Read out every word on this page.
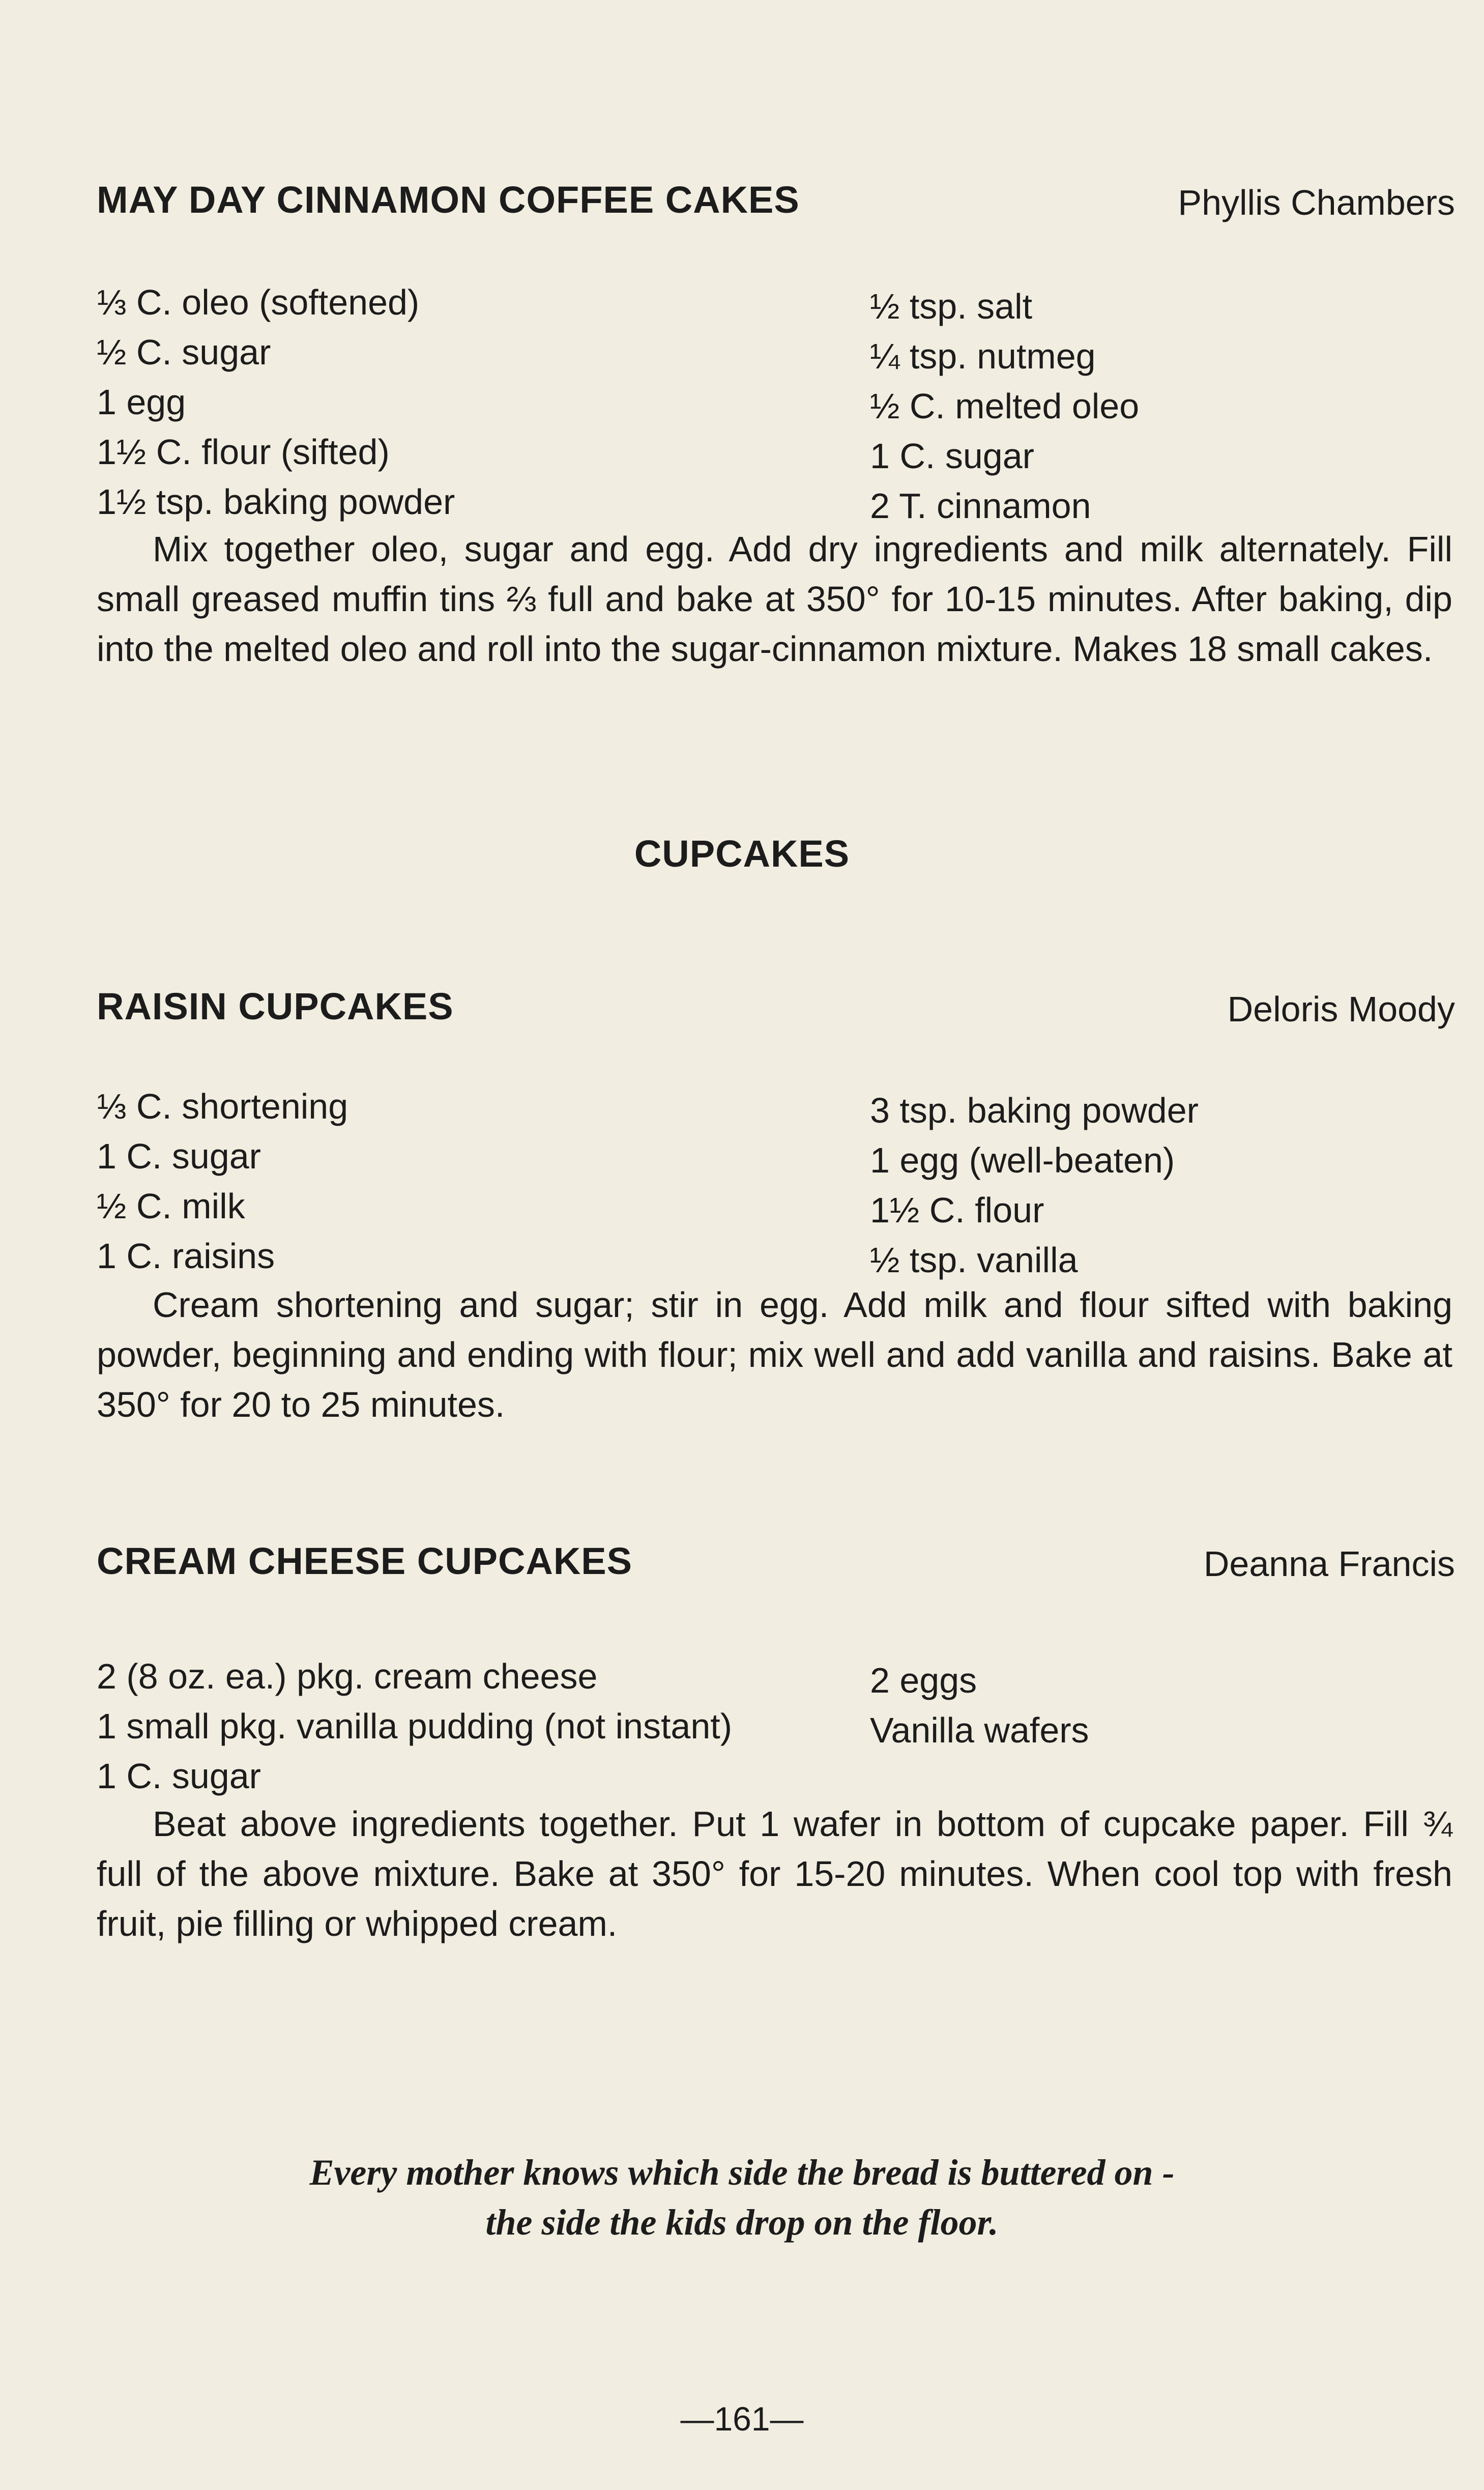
MAY DAY CINNAMON COFFEE CAKES	Phyllis Chambers
⅓ C. oleo (softened)
½ C. sugar
1 egg
1½ C. flour (sifted)
1½ tsp. baking powder
½ tsp. salt
¼ tsp. nutmeg
½ C. melted oleo
1 C. sugar
2 T. cinnamon
Mix together oleo, sugar and egg. Add dry ingredients and milk alternately. Fill small greased muffin tins ⅔ full and bake at 350° for 10-15 minutes. After baking, dip into the melted oleo and roll into the sugar-cinnamon mixture. Makes 18 small cakes.
CUPCAKES
RAISIN CUPCAKES	Deloris Moody
⅓ C. shortening
1 C. sugar
½ C. milk
1 C. raisins
3 tsp. baking powder
1 egg (well-beaten)
1½ C. flour
½ tsp. vanilla
Cream shortening and sugar; stir in egg. Add milk and flour sifted with baking powder, beginning and ending with flour; mix well and add vanilla and raisins. Bake at 350° for 20 to 25 minutes.
CREAM CHEESE CUPCAKES	Deanna Francis
2 (8 oz. ea.) pkg. cream cheese
1 small pkg. vanilla pudding (not instant)
1 C. sugar
2 eggs
Vanilla wafers
Beat above ingredients together. Put 1 wafer in bottom of cupcake paper. Fill ¾ full of the above mixture. Bake at 350° for 15-20 minutes. When cool top with fresh fruit, pie filling or whipped cream.
Every mother knows which side the bread is buttered on -
the side the kids drop on the floor.
—161—
